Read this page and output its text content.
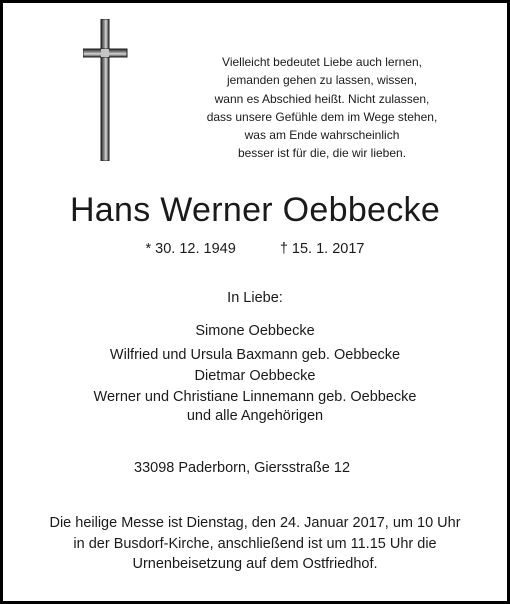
Vielleicht bedeutet Liebe auch lernen,
jemanden gehen zu lassen, wissen,
wann es Abschied heißt. Nicht zulassen,
dass unsere Gefühle dem im Wege stehen,
was am Ende wahrscheinlich
besser ist für die, die wir lieben.
Hans Werner Oebbecke
* 30. 12. 1949	† 15. 1. 2017
In Liebe:
Simone Oebbecke
Wilfried und Ursula Baxmann geb. Oebbecke
Dietmar Oebbecke
Werner und Christiane Linnemann geb. Oebbecke
und alle Angehörigen
33098 Paderborn, Giersstraße 12
Die heilige Messe ist Dienstag, den 24. Januar 2017, um 10 Uhr
in der Busdorf-Kirche, anschließend ist um 11.15 Uhr die
Urnenbeisetzung auf dem Ostfriedhof.
